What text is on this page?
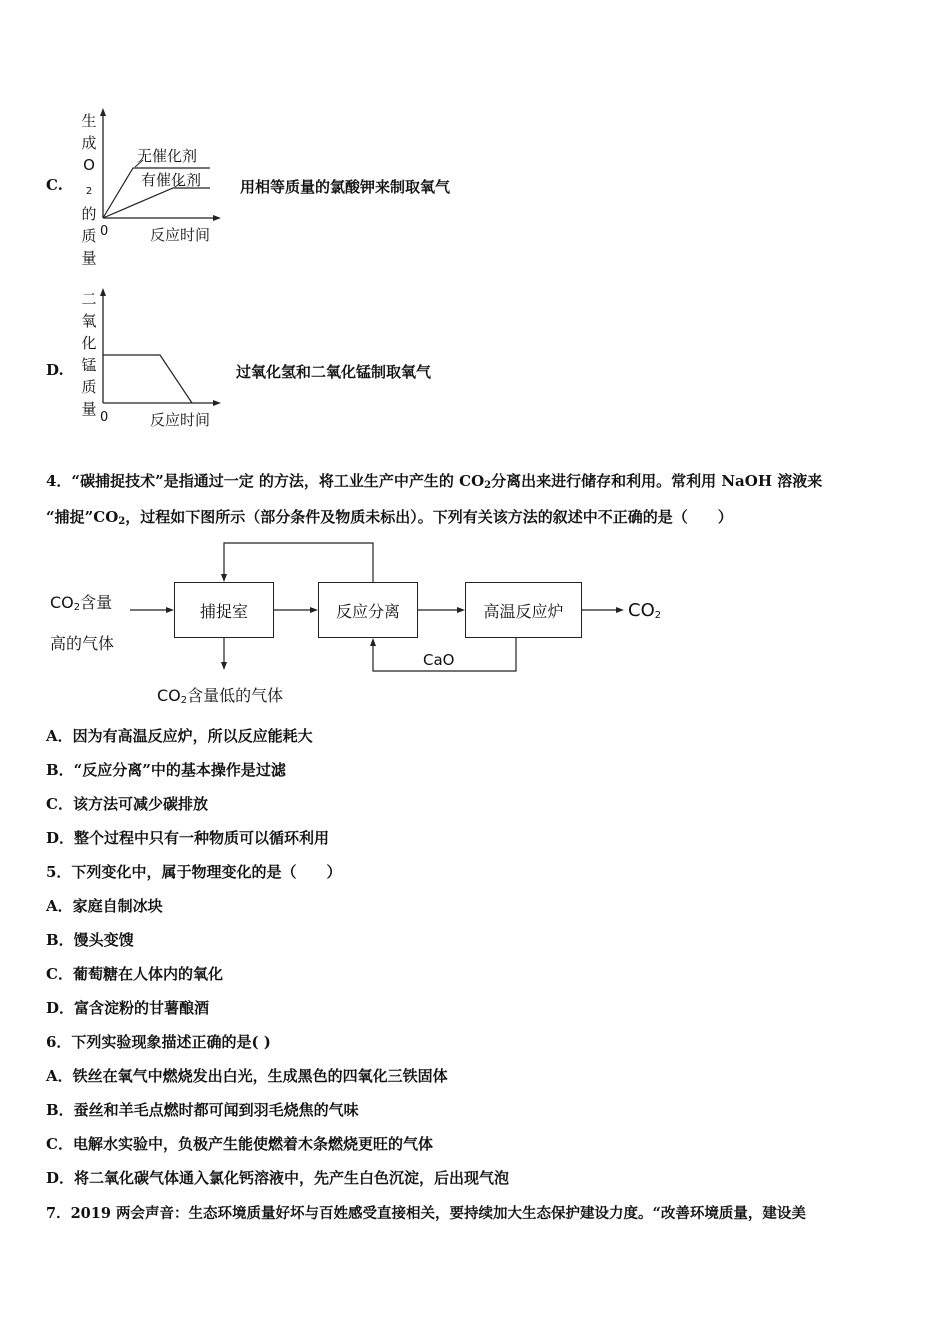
C.
生成
$O_2$
的质量
无催化剂
有催化剂
0	反应时间
用相等质量的氯酸钾来制取氧气
D.
二氧化锰质量 0	反应时间
过氧化氢和二氧化锰制取氧气
4．“碳捕捉技术”是指通过一定 的方法，将工业生产中产生的 $CO_2$分离出来进行储存和利用。常利用 NaOH 溶液来
“捕捉$”CO_2$，过程如下图所示（部分条件及物质未标出）。下列有关该方法的叙述中不正确的是（　　）
$CO_2$含量
高的气体
捕捉室	反应分离	高温反应炉	$CO_2$
CaO
$CO_2$含量低的气体
A．因为有高温反应炉，所以反应能耗大
B．“反应分离”中的基本操作是过滤
C．该方法可减少碳排放
D．整个过程中只有一种物质可以循环利用
5．下列变化中，属于物理变化的是（　　）
A．家庭自制冰块
B．馒头变馊
C．葡萄糖在人体内的氧化
D．富含淀粉的甘薯酿酒
6．下列实验现象描述正确的是( )
A．铁丝在氧气中燃烧发出白光，生成黑色的四氧化三铁固体
B．蚕丝和羊毛点燃时都可闻到羽毛烧焦的气味
C．电解水实验中，负极产生能使燃着木条燃烧更旺的气体
D．将二氧化碳气体通入氯化钙溶液中，先产生白色沉淀，后出现气泡
7．2019 两会声音：生态环境质量好坏与百姓感受直接相关，要持续加大生态保护建设力度。“改善环境质量，建设美
